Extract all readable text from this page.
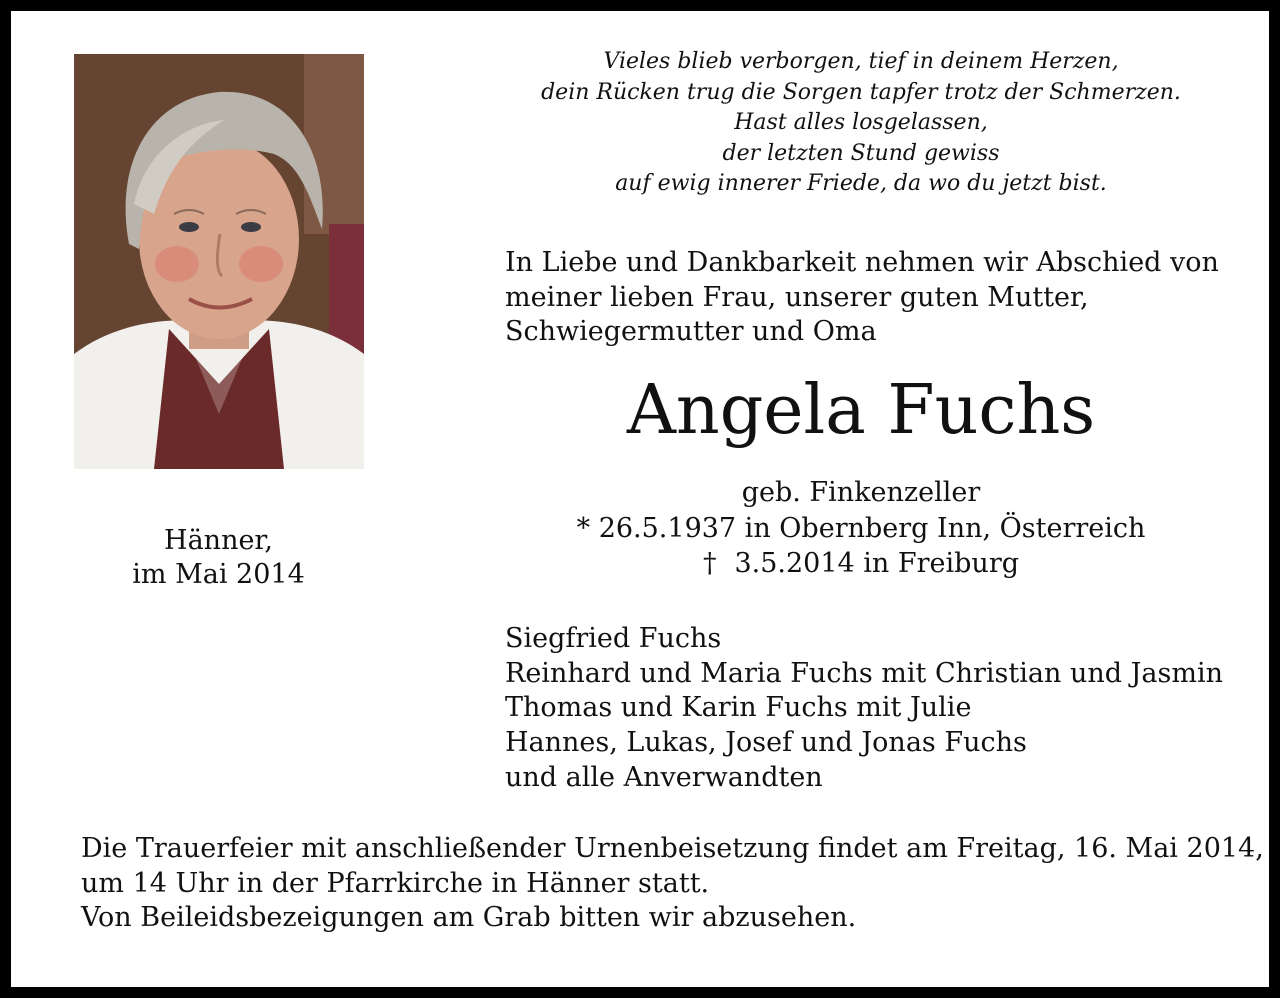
Hänner,
im Mai 2014
Vieles blieb verborgen, tief in deinem Herzen,
dein Rücken trug die Sorgen tapfer trotz der Schmerzen.
Hast alles losgelassen,
der letzten Stund gewiss
auf ewig innerer Friede, da wo du jetzt bist.
In Liebe und Dankbarkeit nehmen wir Abschied von
meiner lieben Frau, unserer guten Mutter,
Schwiegermutter und Oma
Angela Fuchs
geb. Finkenzeller
* 26.5.1937 in Obernberg Inn, Österreich
† 3.5.2014 in Freiburg
Siegfried Fuchs
Reinhard und Maria Fuchs mit Christian und Jasmin
Thomas und Karin Fuchs mit Julie
Hannes, Lukas, Josef und Jonas Fuchs
und alle Anverwandten
Die Trauerfeier mit anschließender Urnenbeisetzung findet am Freitag, 16. Mai 2014,
um 14 Uhr in der Pfarrkirche in Hänner statt.
Von Beileidsbezeigungen am Grab bitten wir abzusehen.
